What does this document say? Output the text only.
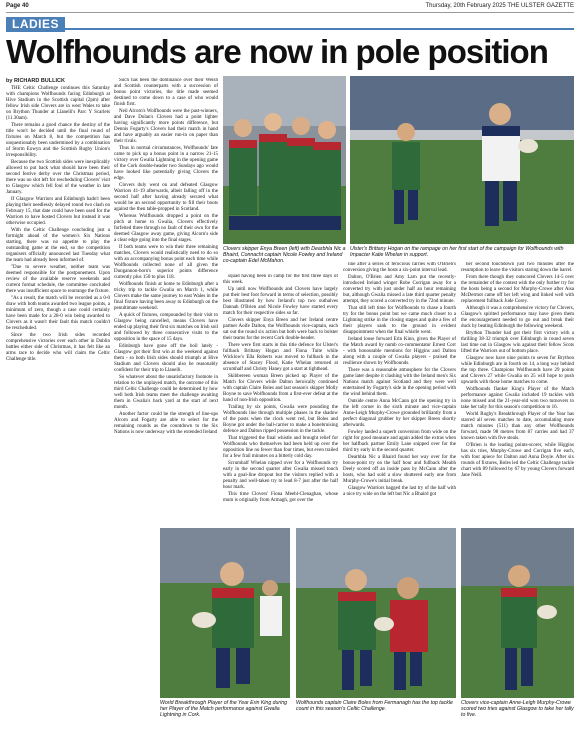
Page 40	Thursday, 20th February 2025 THE ULSTER GAZETTE
LADIES
Wolfhounds are now in pole position
by RICHARD BULLICK

THE Celtic Challenge continues this Saturday with champions Wolfhounds facing Edinburgh at Hive Stadium in the Scottish capital (2pm) after fellow Irish side Clovers are in west Wales to take on Brython Thunder at Llanelli's Parc Y Scarlets (11.30am).

There remains a good chance the destiny of the title won't be decided until the final round of fixtures on March 8, but the competition has unquestionably been undermined by a combination of Storm Eowyn and the Scottish Rugby Union's irresponsibility.

Because the two Scottish sides were inexplicably allowed to put back what should have been their second festive derby over the Christmas period, there was no slot left for rescheduling Clovers' visit to Glasgow which fell foul of the weather in late January.

If Glasgow Warriors and Edinburgh hadn't been playing their needlessly delayed round two clash on February 15, that date could have been used for the Warriors to have hosted Clovers but instead it was otherwise occupied.

With the Celtic Challenge concluding just a fortnight ahead of the women's Six Nations starting, there was no appetite to play the outstanding game at the end, so the competition organisers officially announced last Tuesday what the team had already been informed of.

"Due to severe weather, neither team was deemed responsible for the postponement. Upon review of the available reserve weekends and current format schedule, the committee concluded there was insufficient space to rearrange the fixture.

"As a result, the match will be recorded as a 0-0 draw with both teams awarded two league points, a minimum of zero, though a case could certainly have been made for a 28-0 win being awarded to Clovers as it wasn't their fault this match couldn't be rescheduled.

Since the two Irish sides recorded comprehensive victories over each other in Dublin battles either side of Christmas, it has felt like an arms race to decide who will claim the Celtic Challenge title.

Such has been the dominance over their Welsh and Scottish counterparts with a succession of bonus point victories, the title made seemed destined to come down to a case of who would finish first.

Neil Alcorn's Wolfhounds were the past-winners, and Dave Dolan's Clovers had a point lighter having significantly more points difference, but Dennis Fogarty's Clovers had their match in hand and have arguably an easier run-in on paper than their rivals.

Thus in normal circumstances, Wolfhounds' fate came to pick up a bonus point in a narrow 21-15 victory over Gwalia Lightning in the opening game of the Cork double-header two Sundays ago would have looked like potentially giving Clovers the edge.

Clovers duly went on and defeated Glasgow Warriors 41-19 afterwards, albeit falling off in the second half after having already secured what would be an second opportunity to fill their boots against the then table-propped in Scotland.

Whereas Wolfhounds dropped a point on the pitch at home to Gwalia, Clovers effectively forfeited three through no fault of their own for the deemed Glasgow away game, giving Alcorn's side a clear edge going into the final stages.

If both teams were to win their three remaining matches, Clovers would realistically need to do so with an accompanying bonus point each time while Wolfhounds collected none of all given the Dungannon-born's superior points difference currently plus 150 to plus 118.

Wolfhounds finish at home to Edinburgh after a tricky trip to tackle Gwalia on March 1, while Clovers make the same journey to east Wales in the final fixture having been away to Edinburgh on the penultimate weekend.

A quick of fixtures, compounded by their visit to Glasgow being cancelled, means Clovers have ended up playing their first six matches on Irish soil and followed by three consecutive visits to the opposition in the space of 15 days.

Edinburgh have gone off the boil lately - Glasgow got their first win at the weekend against them - so both Irish sides should triumph at Hive Stadium and Clovers should also be reasonably confident for their trip to Llanelli.

So whatever about the unsatisfactory footnote in relation to the unplayed match, the outcome of this third Celtic Challenge could be determined by how well both Irish teams meet the challenge awaiting them in Gwalia's back yard at the start of next month.

Another factor could be the strength of line-ups Alcorn and Fogarty are able to select for the remaining rounds as the countdown to the Six Nations is now underway with the extended Ireland

Clovers skipper Enya Breen (left) with Dearbhla Nic a Bhaird, Connacht captain Nicole Fowley and Ireland co-captain Edel McMahon.
Ulster's Brittany Hogan on the rampage on her first start of the campaign for Wolfhounds with Impacter Katie Whelan in support.

squad having been in camp for the first three days of this week.

Up until now Wolfhounds and Clovers have largely put their best foot forward in terms of selection, possibly best illustrated by how Ireland's top two outhalves Dannah O'Brien and Nicole Fowley have started every match for their respective sides so far.

Clovers skipper Enya Breen and her Ireland centre partner Aoife Dalton, the Wolfhounds vice-captain, each sat out the round six action but both were back to bolster their teams for the recent Cork double-header.

There were first starts in this title defence for Ulster's fullback Brittany Hogan and Fiona Tuite while Wicklow's Ella Roberts was moved to fullback in the absence of Stacey Flood, Katie Whelan returned at scrumhalf and Christy Haney got a start at tighthead.

Skibbereen woman Breen picked up Player of the Match for Clovers while Dalton heroically continued with captain Claire Boles and last season's skipper Molly Boyne to save Wolfhounds from a first-ever defeat at the hand of non-Irish opposition.

Trailing by six points, Gwalia were pounding the Wolfhounds line through multiple phases in the shadow of the posts when the clock went red, but Boles and Boyne got under the ball-carrier to make a bonebruising defence and Dalton ripped possession in the tackle.

That triggered the final whistle and brought relief for Wolfhounds who themselves had been held up over the opposition line no fewer than four times, but even trailed for a few frail minutes on a bitterly cold day.

Scrumhalf Whelan nipped over for a Wolfhounds try early in the second quarter after Gwalia missed touch with a goal-line dropout but the visitors replied with a penalty and well-taken try to lead 8-7 just after the half hour mark.

This time Clovers' Fiona Meehl-Clenaghan, whose mum is originally from Armagh, got over the

line after a series of ferocious carries with O'Brien's conversion giving the hosts a six-point interval lead.

Dalton, O'Brien and Amy Larn put the recently-introduced Ireland winger Robe Corrigan away for a converted try with just under half an hour remaining but, although Gwalia missed a late third quarter penalty attempt, they scored a converted try in the 72nd minute.

That still left time for Wolfhounds to chase a fourth try for the bonus point but we came much closer to a Lightning strike in the closing stages and quite a few of their players sank to the ground in evident disappointment when the final whistle went.

Ireland loose forward Erin Kinn, given the Player of the Match award by numb co-commentator Ernest Corr - with honourable mentions for Higgins and Dalton along with a couple of Gwalia players - praised the resilience shown by Wolfhounds.

There was a reasonable atmosphere for the Clovers game later despite it clashing with the Ireland men's Six Nations match against Scotland and they were well entertained by Fogarty's side in the opening period with the wind behind them.

Outside centre Anna McCann got the opening try in the left corner in the sixth minute and vice-captain Anne-Leigh Murphy-Crowe grounded brilliantly from a perfect diagonal grubber by her skipper Breen shortly afterwards.

Fowley landed a superb conversion from wide on the right for good measure and again added the extras when her halfback partner Emily Lane snipped over for the third try early in the second quarter.

Dearbhla Nic a Bhaird found her way over for the bonus-point try on the half hour and fullback Meabh Deely scored off an inside pass by McCann after the hosts, who had sold a slow shuttered early one from Murphy-Crowe's initial break.

Glasgow Warriors bagged the last try of the half with a nice try wide on the left but Nic a Bhaird got

her second touchdown just two minutes after the resumption to leave the visitors staring down the barrel.

From there though they outscored Clovers 14-5 over the remainder of the contest with the only further try for the hosts being a second for Murphy-Crowe after Aisa McDermot came off her left wing and linked well with replacement fullback Jude Corey.

Although it was a comprehensive victory for Clovers, Glasgow's spirited performance may have given them the encouragement needed to go out and break their duck by beating Edinburgh the following weekend.

Brython Thunder had got their first victory with a thrilling 38-32 triumph over Edinburgh in round seven last time out in Glasgow win against their fellow Scots lifted the Warriors out of bottom place.

Glasgow now have nine points to seven for Brython while Edinburgh are in fourth on 14, a long way behind the top three. Champions Wolfhounds have 29 points and Clovers 27 while Gwalia on 25 will hope to push upwards with those home matches to come.

Wolfhounds flanker King's Player of the Match performance against Gwalia included 19 tackles with none missed and the 21-year-old won two turnovers to take her tally for this season's competition to 16.

World Rugby's Breakthrough Player of the Year has starred all seven matches to date, accumulating more match minutes (511) than any other Wolfhounds forward, made 98 metres from 87 carries and had 37 known taken with five steals.

O'Brien is the leading points-scorer, while Higgins has six tries, Murphy-Crowe and Corrigan five each, with four apiece for Dalton and Anna Doyle. After six rounds of fixtures, Boles led the Celtic Challenge tackle chart with 89 followed by 67 by young Clovers forward Jane Neill.

World Breakthrough Player of the Year Erin King during her Player of the Match performance against Gwalia Lightning in Cork.
Wolfhounds captain Claire Boles from Fermanagh has the top tackle count in this season's Celtic Challenge.
Clovers vice-captain Anne-Leigh Murphy-Crowe scored two tries against Glasgow to take her tally to five.
